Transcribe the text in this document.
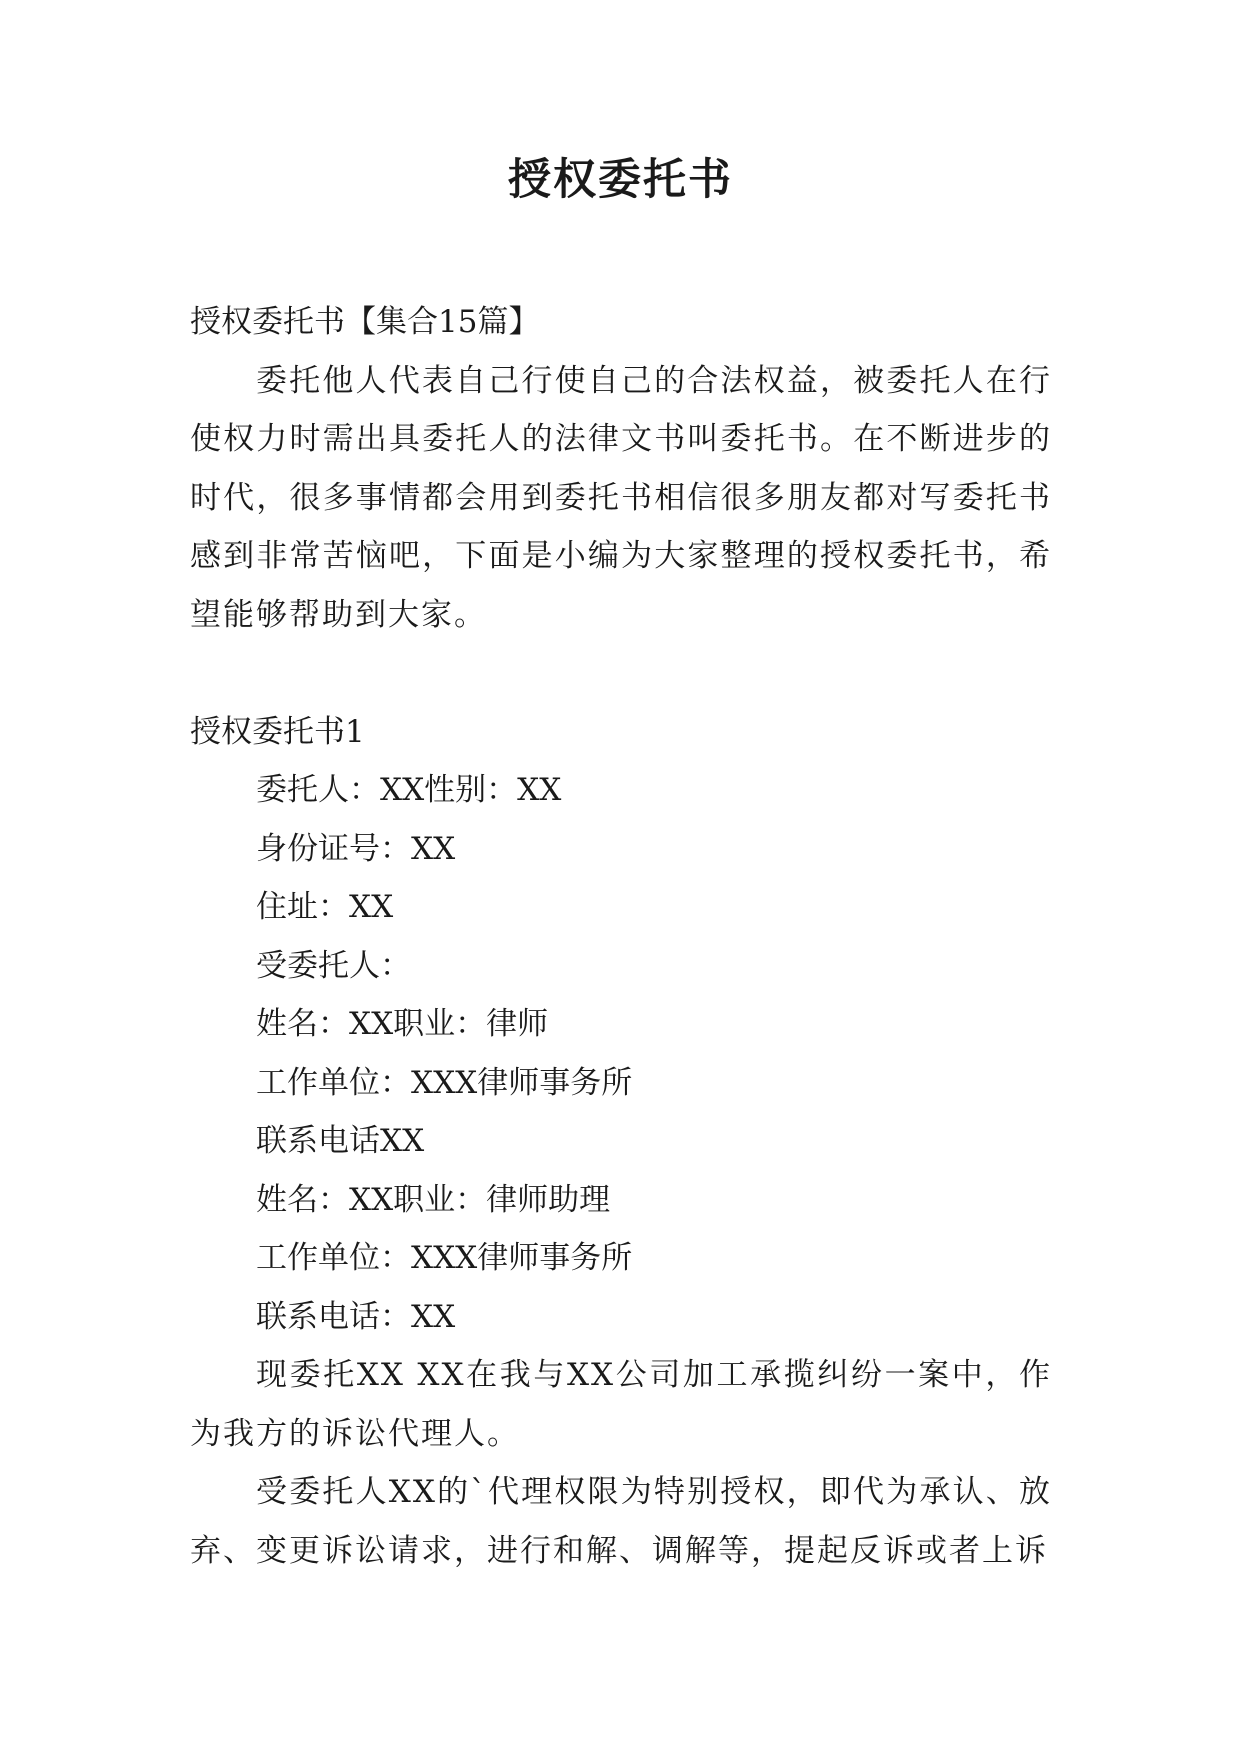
授权委托书

授权委托书【集合15篇】

委托他人代表自己行使自己的合法权益，被委托人在行使权力时需出具委托人的法律文书叫委托书。在不断进步的时代，很多事情都会用到委托书相信很多朋友都对写委托书感到非常苦恼吧，下面是小编为大家整理的授权委托书，希望能够帮助到大家。

授权委托书1

委托人：XX性别：XX

身份证号：XX

住址：XX

受委托人：

姓名：XX职业：律师

工作单位：XXX律师事务所

联系电话XX

姓名：XX职业：律师助理

工作单位：XXX律师事务所

联系电话：XX

现委托XX XX在我与XX公司加工承揽纠纷一案中，作为我方的诉讼代理人。

受委托人XX的`代理权限为特别授权，即代为承认、放弃、变更诉讼请求，进行和解、调解等，提起反诉或者上诉
